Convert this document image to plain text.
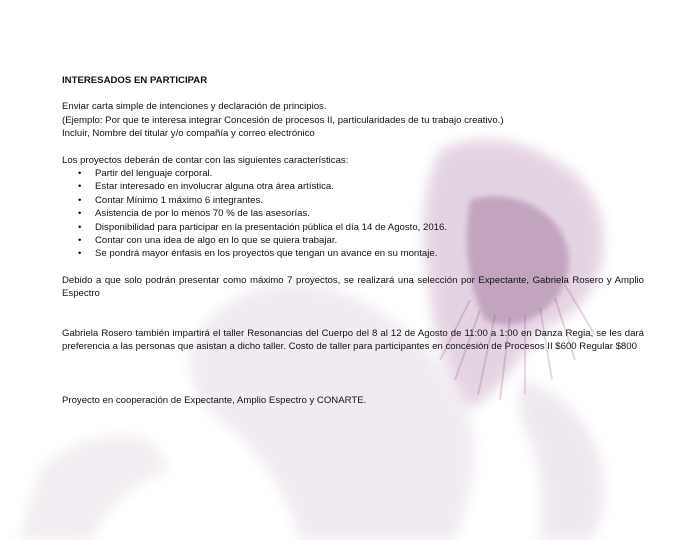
INTERESADOS EN PARTICIPAR

Enviar carta simple de intenciones y declaración de principios.

(Ejemplo: Por que te interesa integrar Concesión de procesos II, particularidades de tu trabajo creativo.)

Incluir, Nombre del titular y/o compañía y correo electrónico

Los proyectos deberán de contar con las siguientes características:

• Partir del lenguaje corporal.
• Estar interesado en involucrar alguna otra área artística.
• Contar Mínimo 1 máximo 6 integrantes.
• Asistencia de por lo menos 70 % de las asesorías.
• Disponibilidad para participar en la presentación pública el día 14 de Agosto, 2016.
• Contar con una idea de algo en lo que se quiera trabajar.
• Se pondrá mayor énfasis en los proyectos que tengan un avance en su montaje.

Debido a que solo podrán presentar como máximo 7 proyectos, se realizará una selección por Expectante, Gabriela Rosero y Amplio Espectro

Gabriela Rosero también impartirá el taller Resonancias del Cuerpo del 8 al 12 de Agosto de 11:00 a 1:00 en Danza Regia, se les dará preferencia a las personas que asistan a dicho taller. Costo de taller para participantes en concesión de Procesos II $600 Regular $800

Proyecto en cooperación de Expectante, Amplio Espectro y CONARTE.
